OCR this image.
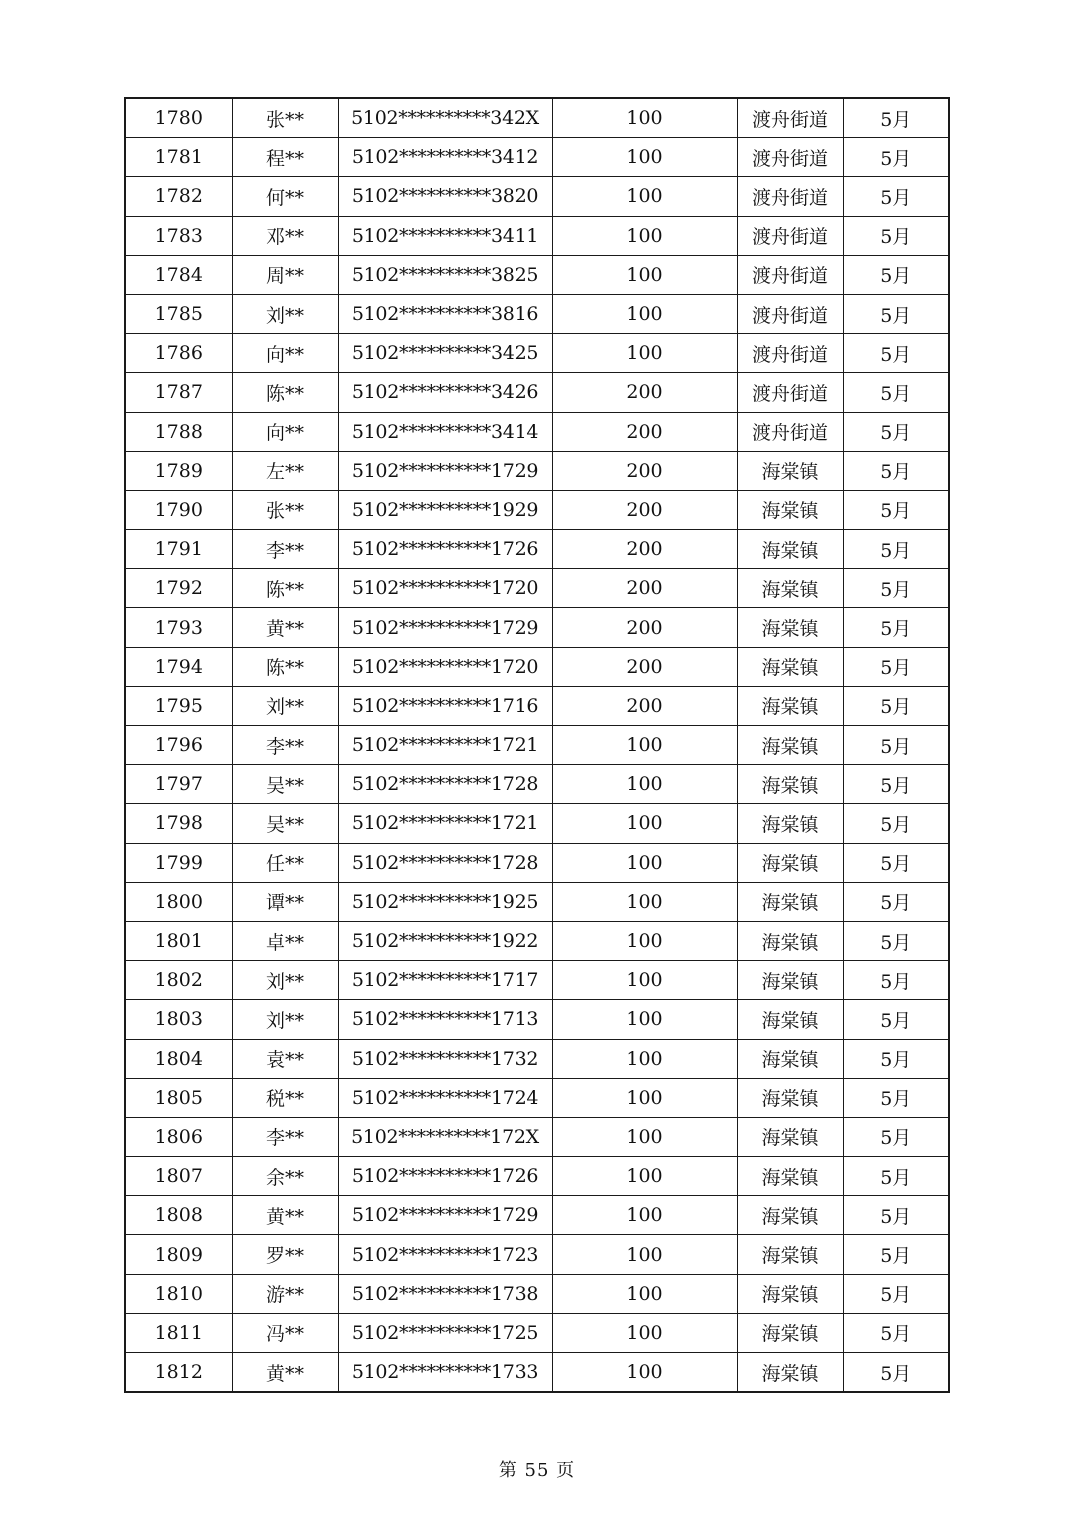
1780	张**	5102**********342X	100	渡舟街道	5月
1781	程**	5102**********3412	100	渡舟街道	5月
1782	何**	5102**********3820	100	渡舟街道	5月
1783	邓**	5102**********3411	100	渡舟街道	5月
1784	周**	5102**********3825	100	渡舟街道	5月
1785	刘**	5102**********3816	100	渡舟街道	5月
1786	向**	5102**********3425	100	渡舟街道	5月
1787	陈**	5102**********3426	200	渡舟街道	5月
1788	向**	5102**********3414	200	渡舟街道	5月
1789	左**	5102**********1729	200	海棠镇	5月
1790	张**	5102**********1929	200	海棠镇	5月
1791	李**	5102**********1726	200	海棠镇	5月
1792	陈**	5102**********1720	200	海棠镇	5月
1793	黄**	5102**********1729	200	海棠镇	5月
1794	陈**	5102**********1720	200	海棠镇	5月
1795	刘**	5102**********1716	200	海棠镇	5月
1796	李**	5102**********1721	100	海棠镇	5月
1797	吴**	5102**********1728	100	海棠镇	5月
1798	吴**	5102**********1721	100	海棠镇	5月
1799	任**	5102**********1728	100	海棠镇	5月
1800	谭**	5102**********1925	100	海棠镇	5月
1801	卓**	5102**********1922	100	海棠镇	5月
1802	刘**	5102**********1717	100	海棠镇	5月
1803	刘**	5102**********1713	100	海棠镇	5月
1804	袁**	5102**********1732	100	海棠镇	5月
1805	税**	5102**********1724	100	海棠镇	5月
1806	李**	5102**********172X	100	海棠镇	5月
1807	余**	5102**********1726	100	海棠镇	5月
1808	黄**	5102**********1729	100	海棠镇	5月
1809	罗**	5102**********1723	100	海棠镇	5月
1810	游**	5102**********1738	100	海棠镇	5月
1811	冯**	5102**********1725	100	海棠镇	5月
1812	黄**	5102**********1733	100	海棠镇	5月
第 55 页
